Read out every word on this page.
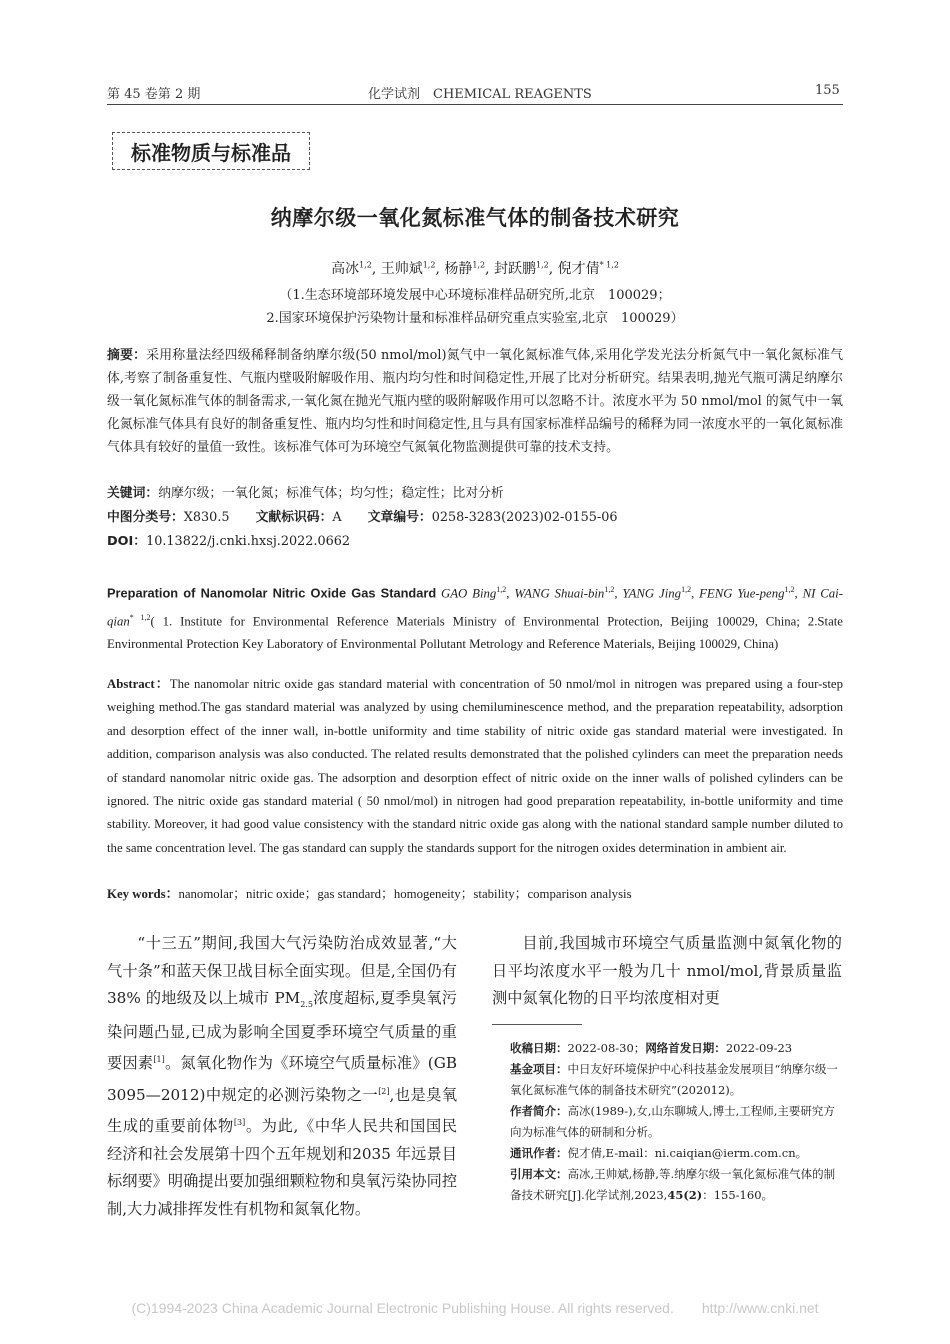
第 45 卷第 2 期	化学试剂　CHEMICAL REAGENTS	155
标准物质与标准品
纳摩尔级一氧化氮标准气体的制备技术研究
高冰$^{1,2}$, 王帅斌$^{1,2}$, 杨静$^{1,2}$, 封跃鹏$^{1,2}$, 倪才倩$^{* 1,2}$
（1.生态环境部环境发展中心环境标准样品研究所,北京　100029；
2.国家环境保护污染物计量和标准样品研究重点实验室,北京　100029）
摘要：采用称量法经四级稀释制备纳摩尔级(50 nmol/mol)氮气中一氧化氮标准气体,采用化学发光法分析氮气中一氧化氮标准气体,考察了制备重复性、气瓶内壁吸附解吸作用、瓶内均匀性和时间稳定性,开展了比对分析研究。结果表明,抛光气瓶可满足纳摩尔级一氧化氮标准气体的制备需求,一氧化氮在抛光气瓶内壁的吸附解吸作用可以忽略不计。浓度水平为 50 nmol/mol 的氮气中一氧化氮标准气体具有良好的制备重复性、瓶内均匀性和时间稳定性,且与具有国家标准样品编号的稀释为同一浓度水平的一氧化氮标准气体具有较好的量值一致性。该标准气体可为环境空气氮氧化物监测提供可靠的技术支持。
关键词：纳摩尔级；一氧化氮；标准气体；均匀性；稳定性；比对分析
中图分类号：X830.5 文献标识码：A 文章编号：0258-3283(2023)02-0155-06
DOI：10.13822/j.cnki.hxsj.2022.0662
Preparation of Nanomolar Nitric Oxide Gas Standard GAO Bing$^{1,2}$, WANG Shuai-bin$^{1,2}$, YANG Jing$^{1,2}$, FENG Yue-peng$^{1,2}$, NI Cai-qian$^{* 1,2}$( 1. Institute for Environmental Reference Materials Ministry of Environmental Protection, Beijing 100029, China; 2.State Environmental Protection Key Laboratory of Environmental Pollutant Metrology and Reference Materials, Beijing 100029, China)
Abstract：The nanomolar nitric oxide gas standard material with concentration of 50 nmol/mol in nitrogen was prepared using a four-step weighing method.The gas standard material was analyzed by using chemiluminescence method, and the preparation repeatability, adsorption and desorption effect of the inner wall, in-bottle uniformity and time stability of nitric oxide gas standard material were investigated. In addition, comparison analysis was also conducted. The related results demonstrated that the polished cylinders can meet the preparation needs of standard nanomolar nitric oxide gas. The adsorption and desorption effect of nitric oxide on the inner walls of polished cylinders can be ignored. The nitric oxide gas standard material ( 50 nmol/mol) in nitrogen had good preparation repeatability, in-bottle uniformity and time stability. Moreover, it had good value consistency with the standard nitric oxide gas along with the national standard sample number diluted to the same concentration level. The gas standard can supply the standards support for the nitrogen oxides determination in ambient air.
Key words：nanomolar；nitric oxide；gas standard；homogeneity；stability；comparison analysis
“十三五”期间,我国大气污染防治成效显著,“大气十条”和蓝天保卫战目标全面实现。但是,全国仍有 38% 的地级及以上城市 $PM_{2.5}$浓度超标,夏季臭氧污染问题凸显,已成为影响全国夏季环境空气质量的重要因素[1]。氮氧化物作为《环境空气质量标准》(GB 3095—2012)中规定的必测污染物之一[2],也是臭氧生成的重要前体物[3]。为此,《中华人民共和国国民经济和社会发展第十四个五年规划和2035 年远景目标纲要》明确提出要加强细颗粒物和臭氧污染协同控制,大力减排挥发性有机物和氮氧化物。
目前,我国城市环境空气质量监测中氮氧化物的日平均浓度水平一般为几十 nmol/mol,背景质量监测中氮氧化物的日平均浓度相对更
收稿日期：2022-08-30；网络首发日期：2022-09-23
基金项目：中日友好环境保护中心科技基金发展项目“纳摩尔级一氧化氮标准气体的制备技术研究”(202012)。
作者简介：高冰(1989-),女,山东聊城人,博士,工程师,主要研究方向为标准气体的研制和分析。
通讯作者：倪才倩,E-mail：ni.caiqian@ierm.com.cn。
引用本文：高冰,王帅斌,杨静,等.纳摩尔级一氧化氮标准气体的制备技术研究[J].化学试剂,2023,45(2)：155-160。
(C)1994-2023 China Academic Journal Electronic Publishing House. All rights reserved.　　http://www.cnki.net
